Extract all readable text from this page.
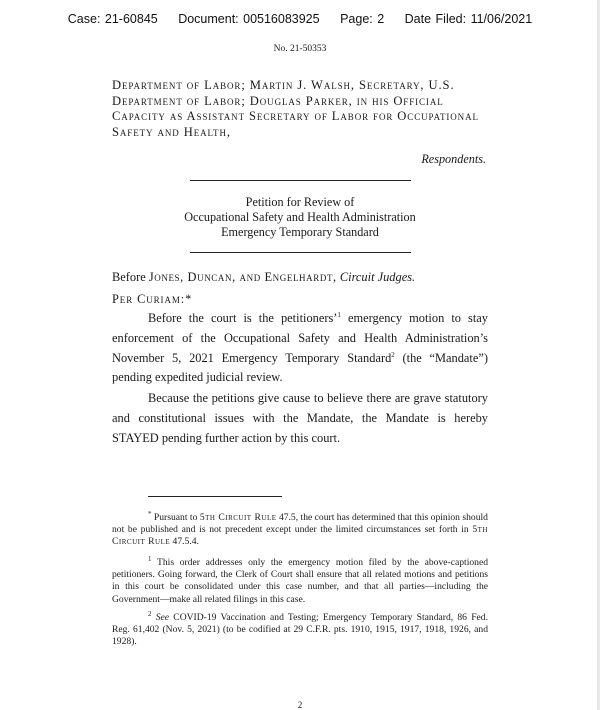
Case: 21-60845 Document: 00516083925 Page: 2 Date Filed: 11/06/2021
No. 21-50353
Department of Labor; Martin J. Walsh, Secretary, U.S. Department of Labor; Douglas Parker, in his Official Capacity as Assistant Secretary of Labor for Occupational Safety and Health,
Respondents.
Petition for Review of
Occupational Safety and Health Administration
Emergency Temporary Standard
Before Jones, Duncan, and Engelhardt, Circuit Judges.
Per Curiam:*
Before the court is the petitioners’$^1$ emergency motion to stay enforcement of the Occupational Safety and Health Administration’s November 5, 2021 Emergency Temporary Standard$^2$ (the “Mandate”) pending expedited judicial review.
Because the petitions give cause to believe there are grave statutory and constitutional issues with the Mandate, the Mandate is hereby STAYED pending further action by this court.
* Pursuant to 5th Circuit Rule 47.5, the court has determined that this opinion should not be published and is not precedent except under the limited circumstances set forth in 5th Circuit Rule 47.5.4.
$^1$ This order addresses only the emergency motion filed by the above-captioned petitioners. Going forward, the Clerk of Court shall ensure that all related motions and petitions in this court be consolidated under this case number, and that all parties—including the Government—make all related filings in this case.
$^2$ See COVID-19 Vaccination and Testing; Emergency Temporary Standard, 86 Fed. Reg. 61,402 (Nov. 5, 2021) (to be codified at 29 C.F.R. pts. 1910, 1915, 1917, 1918, 1926, and 1928).
2
